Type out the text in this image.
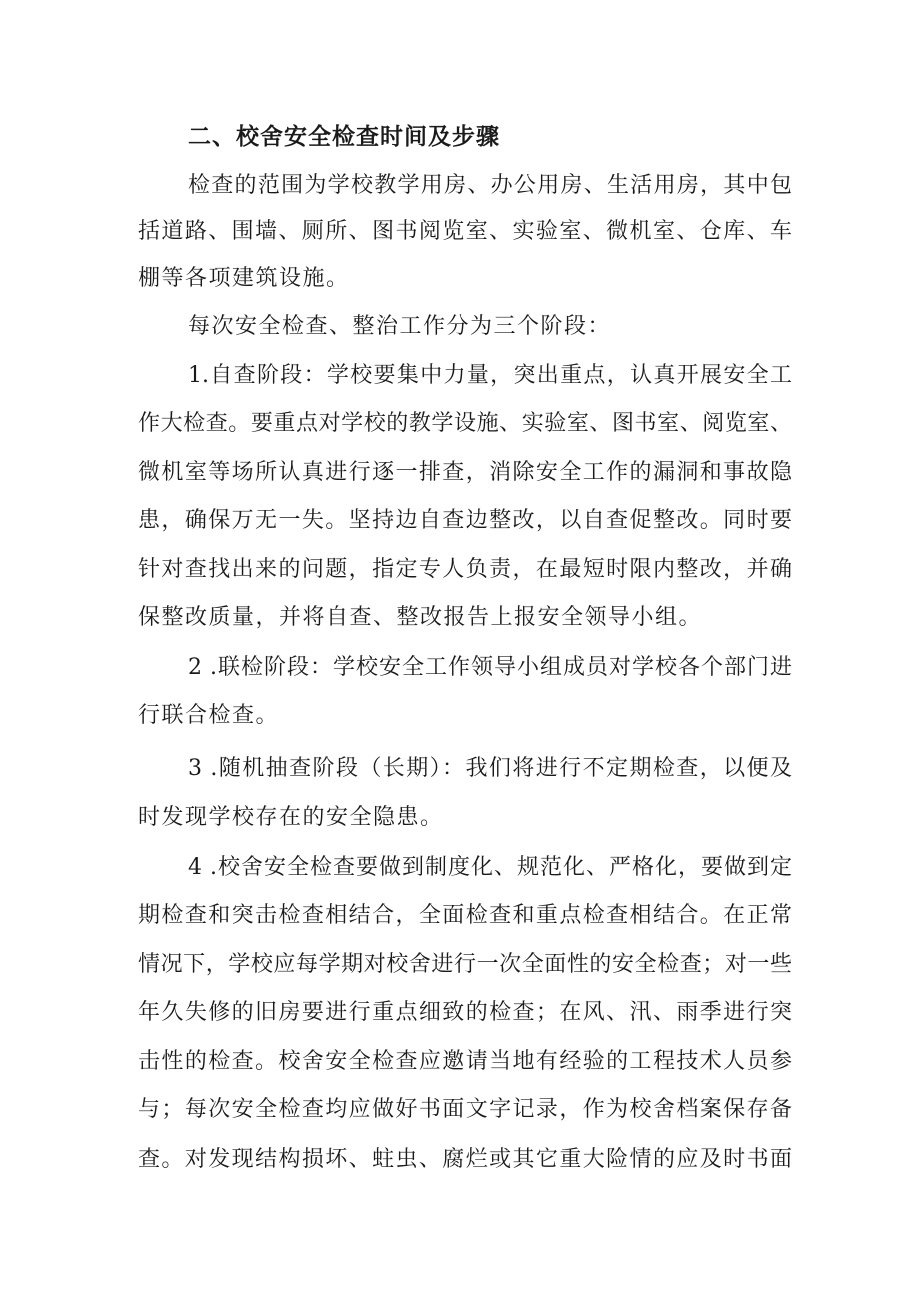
二、校舍安全检查时间及步骤

检查的范围为学校教学用房、办公用房、生活用房，其中包

括道路、围墙、厕所、图书阅览室、实验室、微机室、仓库、车

棚等各项建筑设施。

每次安全检查、整治工作分为三个阶段：

1.自查阶段：学校要集中力量，突出重点，认真开展安全工

作大检查。要重点对学校的教学设施、实验室、图书室、阅览室、

微机室等场所认真进行逐一排查，消除安全工作的漏洞和事故隐

患，确保万无一失。坚持边自查边整改，以自查促整改。同时要

针对查找出来的问题，指定专人负责，在最短时限内整改，并确

保整改质量，并将自查、整改报告上报安全领导小组。

2 .联检阶段：学校安全工作领导小组成员对学校各个部门进

行联合检查。

3 .随机抽查阶段（长期）：我们将进行不定期检查，以便及

时发现学校存在的安全隐患。

4 .校舍安全检查要做到制度化、规范化、严格化，要做到定

期检查和突击检查相结合，全面检查和重点检查相结合。在正常

情况下，学校应每学期对校舍进行一次全面性的安全检查；对一些

年久失修的旧房要进行重点细致的检查；在风、汛、雨季进行突

击性的检查。校舍安全检查应邀请当地有经验的工程技术人员参

与；每次安全检查均应做好书面文字记录，作为校舍档案保存备

查。对发现结构损坏、蛀虫、腐烂或其它重大险情的应及时书面
